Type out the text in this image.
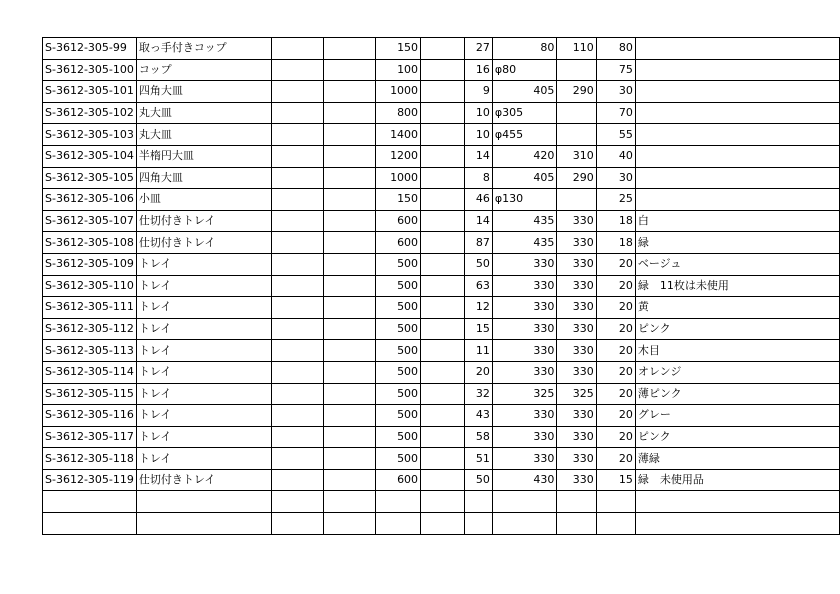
S-3612-305-99	取っ手付きコップ			150		27	80	110	80	
S-3612-305-100	コップ			100		16	φ80		75	
S-3612-305-101	四角大皿			1000		9	405	290	30	
S-3612-305-102	丸大皿			800		10	φ305		70	
S-3612-305-103	丸大皿			1400		10	φ455		55	
S-3612-305-104	半楕円大皿			1200		14	420	310	40	
S-3612-305-105	四角大皿			1000		8	405	290	30	
S-3612-305-106	小皿			150		46	φ130		25	
S-3612-305-107	仕切付きトレイ			600		14	435	330	18	白
S-3612-305-108	仕切付きトレイ			600		87	435	330	18	緑
S-3612-305-109	トレイ			500		50	330	330	20	ベージュ
S-3612-305-110	トレイ			500		63	330	330	20	緑　11枚は未使用
S-3612-305-111	トレイ			500		12	330	330	20	黄
S-3612-305-112	トレイ			500		15	330	330	20	ピンク
S-3612-305-113	トレイ			500		11	330	330	20	木目
S-3612-305-114	トレイ			500		20	330	330	20	オレンジ
S-3612-305-115	トレイ			500		32	325	325	20	薄ピンク
S-3612-305-116	トレイ			500		43	330	330	20	グレー
S-3612-305-117	トレイ			500		58	330	330	20	ピンク
S-3612-305-118	トレイ			500		51	330	330	20	薄緑
S-3612-305-119	仕切付きトレイ			600		50	430	330	15	緑　未使用品
